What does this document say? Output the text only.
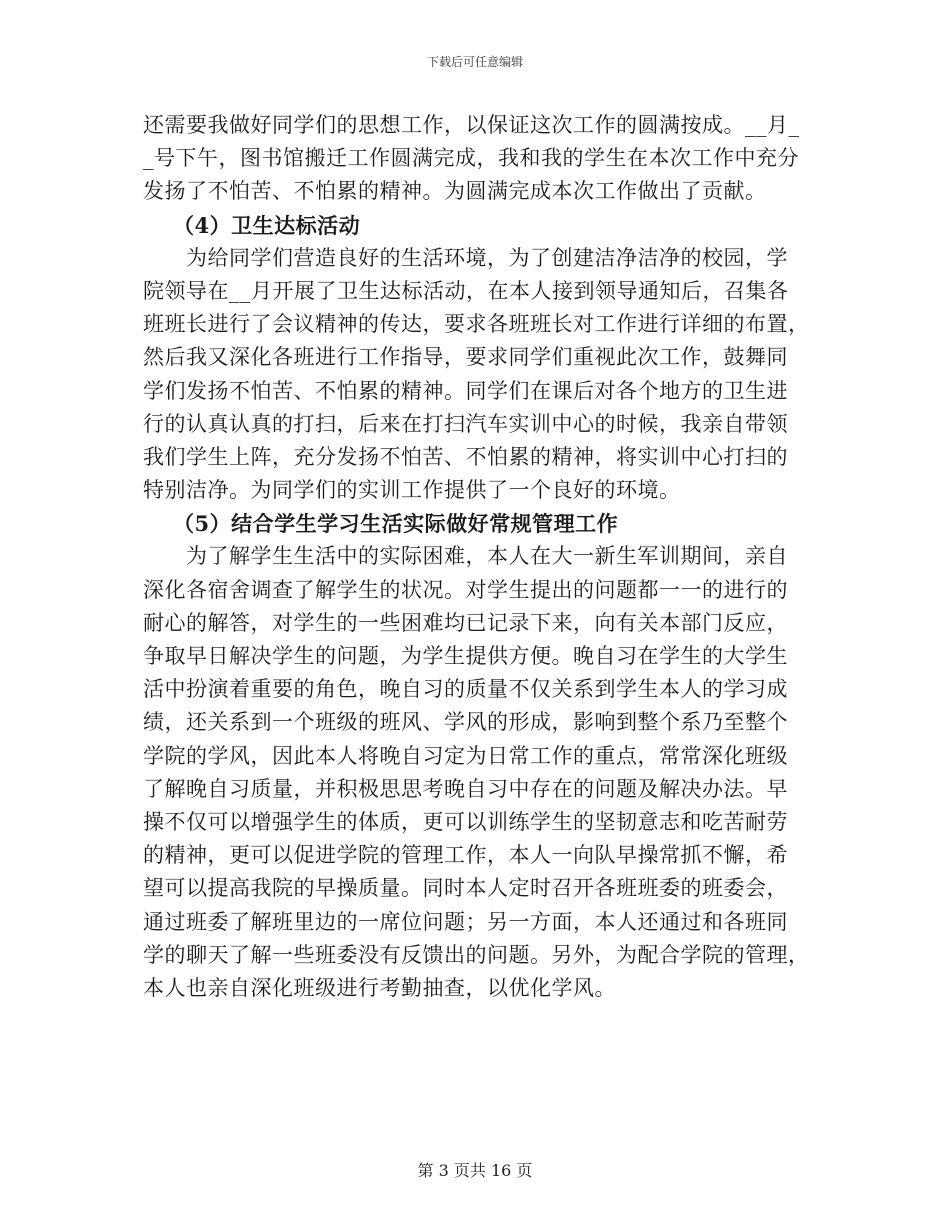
下载后可任意编辑
还需要我做好同学们的思想工作，以保证这次工作的圆满按成。__月_
_号下午，图书馆搬迁工作圆满完成，我和我的学生在本次工作中充分
发扬了不怕苦、不怕累的精神。为圆满完成本次工作做出了贡献。
（4）卫生达标活动
　　为给同学们营造良好的生活环境，为了创建洁净洁净的校园，学
院领导在__月开展了卫生达标活动，在本人接到领导通知后，召集各
班班长进行了会议精神的传达，要求各班班长对工作进行详细的布置，
然后我又深化各班进行工作指导，要求同学们重视此次工作，鼓舞同
学们发扬不怕苦、不怕累的精神。同学们在课后对各个地方的卫生进
行的认真认真的打扫，后来在打扫汽车实训中心的时候，我亲自带领
我们学生上阵，充分发扬不怕苦、不怕累的精神，将实训中心打扫的
特别洁净。为同学们的实训工作提供了一个良好的环境。
（5）结合学生学习生活实际做好常规管理工作
　　为了解学生生活中的实际困难，本人在大一新生军训期间，亲自
深化各宿舍调查了解学生的状况。对学生提出的问题都一一的进行的
耐心的解答，对学生的一些困难均已记录下来，向有关本部门反应，
争取早日解决学生的问题，为学生提供方便。晚自习在学生的大学生
活中扮演着重要的角色，晚自习的质量不仅关系到学生本人的学习成
绩，还关系到一个班级的班风、学风的形成，影响到整个系乃至整个
学院的学风，因此本人将晚自习定为日常工作的重点，常常深化班级
了解晚自习质量，并积极思思考晚自习中存在的问题及解决办法。早
操不仅可以增强学生的体质，更可以训练学生的坚韧意志和吃苦耐劳
的精神，更可以促进学院的管理工作，本人一向队早操常抓不懈，希
望可以提高我院的早操质量。同时本人定时召开各班班委的班委会，
通过班委了解班里边的一席位问题；另一方面，本人还通过和各班同
学的聊天了解一些班委没有反馈出的问题。另外，为配合学院的管理，
本人也亲自深化班级进行考勤抽查，以优化学风。
第 3 页共 16 页
